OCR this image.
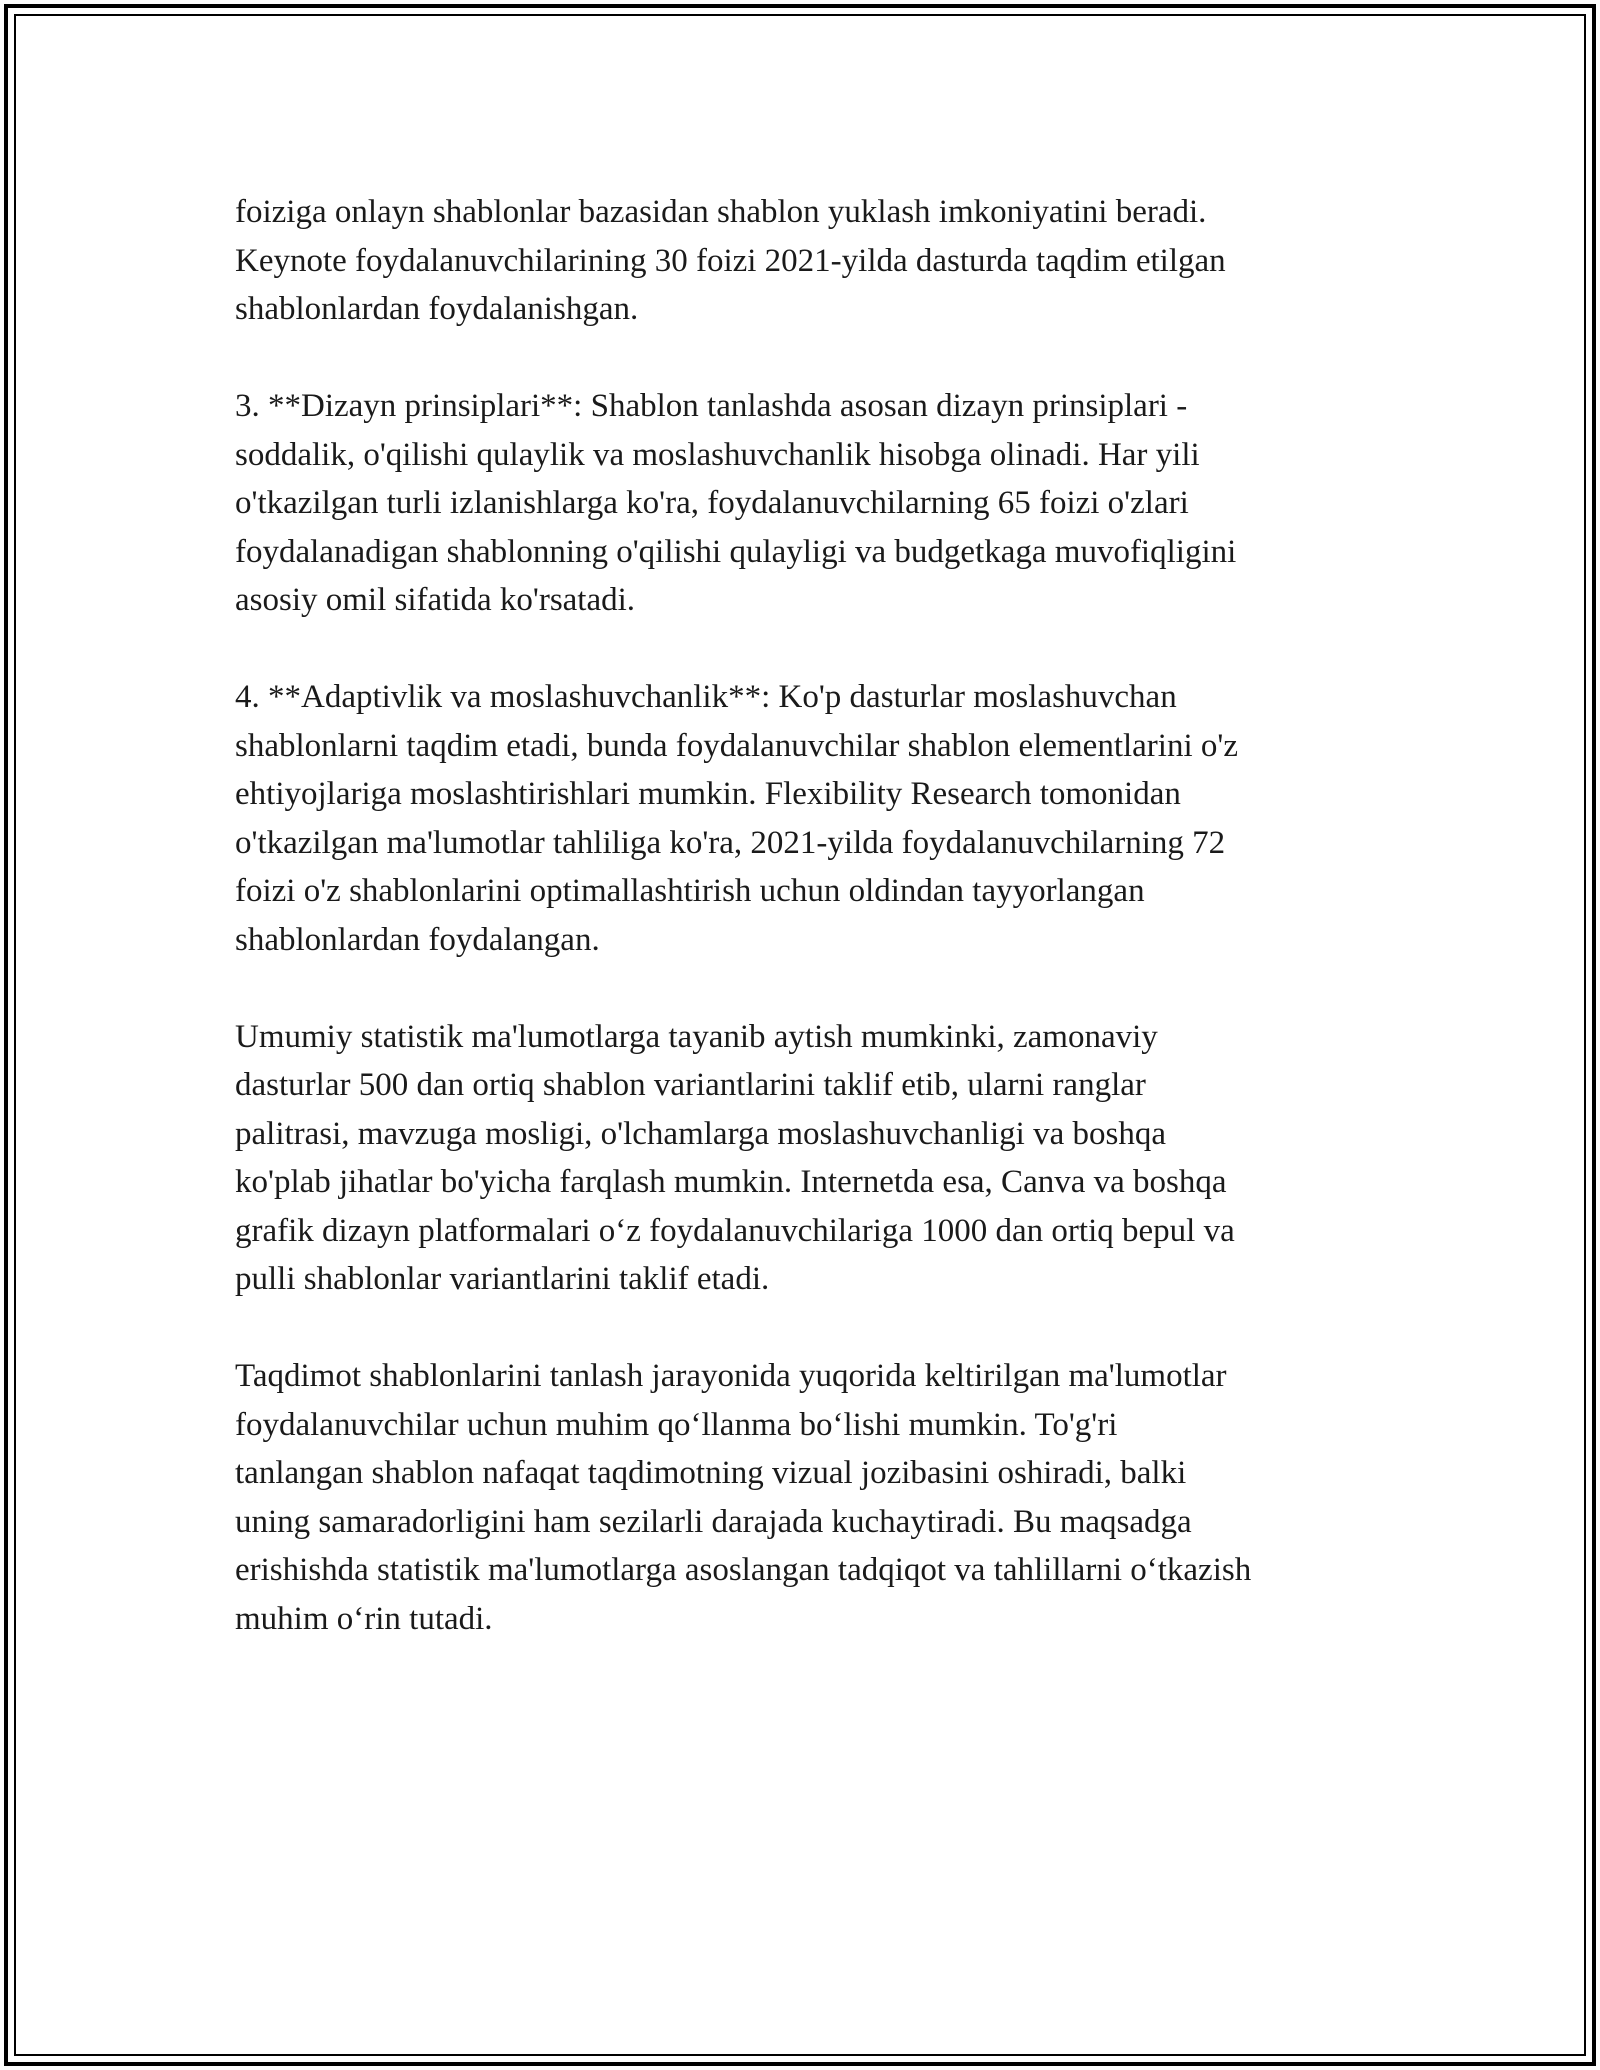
foiziga onlayn shablonlar bazasidan shablon yuklash imkoniyatini beradi.
Keynote foydalanuvchilarining 30 foizi 2021-yilda dasturda taqdim etilgan
shablonlardan foydalanishgan.

3. **Dizayn prinsiplari**: Shablon tanlashda asosan dizayn prinsiplari -
soddalik, o'qilishi qulaylik va moslashuvchanlik hisobga olinadi. Har yili
o'tkazilgan turli izlanishlarga ko'ra, foydalanuvchilarning 65 foizi o'zlari
foydalanadigan shablonning o'qilishi qulayligi va budgetkaga muvofiqligini
asosiy omil sifatida ko'rsatadi.

4. **Adaptivlik va moslashuvchanlik**: Ko'p dasturlar moslashuvchan
shablonlarni taqdim etadi, bunda foydalanuvchilar shablon elementlarini o'z
ehtiyojlariga moslashtirishlari mumkin. Flexibility Research tomonidan
o'tkazilgan ma'lumotlar tahliliga ko'ra, 2021-yilda foydalanuvchilarning 72
foizi o'z shablonlarini optimallashtirish uchun oldindan tayyorlangan
shablonlardan foydalangan.

Umumiy statistik ma'lumotlarga tayanib aytish mumkinki, zamonaviy
dasturlar 500 dan ortiq shablon variantlarini taklif etib, ularni ranglar
palitrasi, mavzuga mosligi, o'lchamlarga moslashuvchanligi va boshqa
ko'plab jihatlar bo'yicha farqlash mumkin. Internetda esa, Canva va boshqa
grafik dizayn platformalari o‘z foydalanuvchilariga 1000 dan ortiq bepul va
pulli shablonlar variantlarini taklif etadi.

Taqdimot shablonlarini tanlash jarayonida yuqorida keltirilgan ma'lumotlar
foydalanuvchilar uchun muhim qo‘llanma bo‘lishi mumkin. To'g'ri
tanlangan shablon nafaqat taqdimotning vizual jozibasini oshiradi, balki
uning samaradorligini ham sezilarli darajada kuchaytiradi. Bu maqsadga
erishishda statistik ma'lumotlarga asoslangan tadqiqot va tahlillarni o‘tkazish
muhim o‘rin tutadi.
